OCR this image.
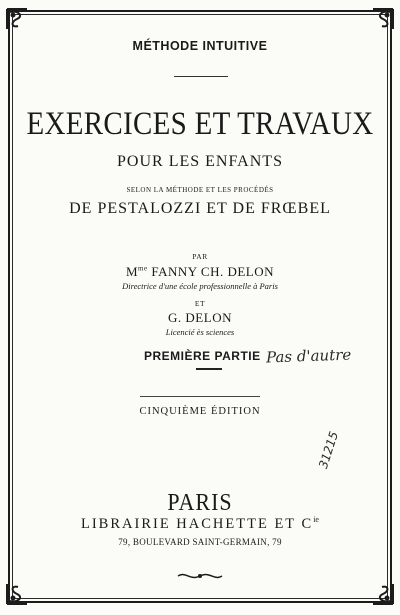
MÉTHODE INTUITIVE
EXERCICES ET TRAVAUX
POUR LES ENFANTS
SELON LA MÉTHODE ET LES PROCÉDÉS
DE PESTALOZZI ET DE FRŒBEL
PAR
$M^{me}$ FANNY CH. DELON
Directrice d'une école professionnelle à Paris
ET
G. DELON
Licencié ès sciences
PREMIÈRE PARTIE Pas d'autre
CINQUIÈME ÉDITION
31215
PARIS
LIBRAIRIE HACHETTE ET $C^{ie}$
79, BOULEVARD SAINT-GERMAIN, 79
